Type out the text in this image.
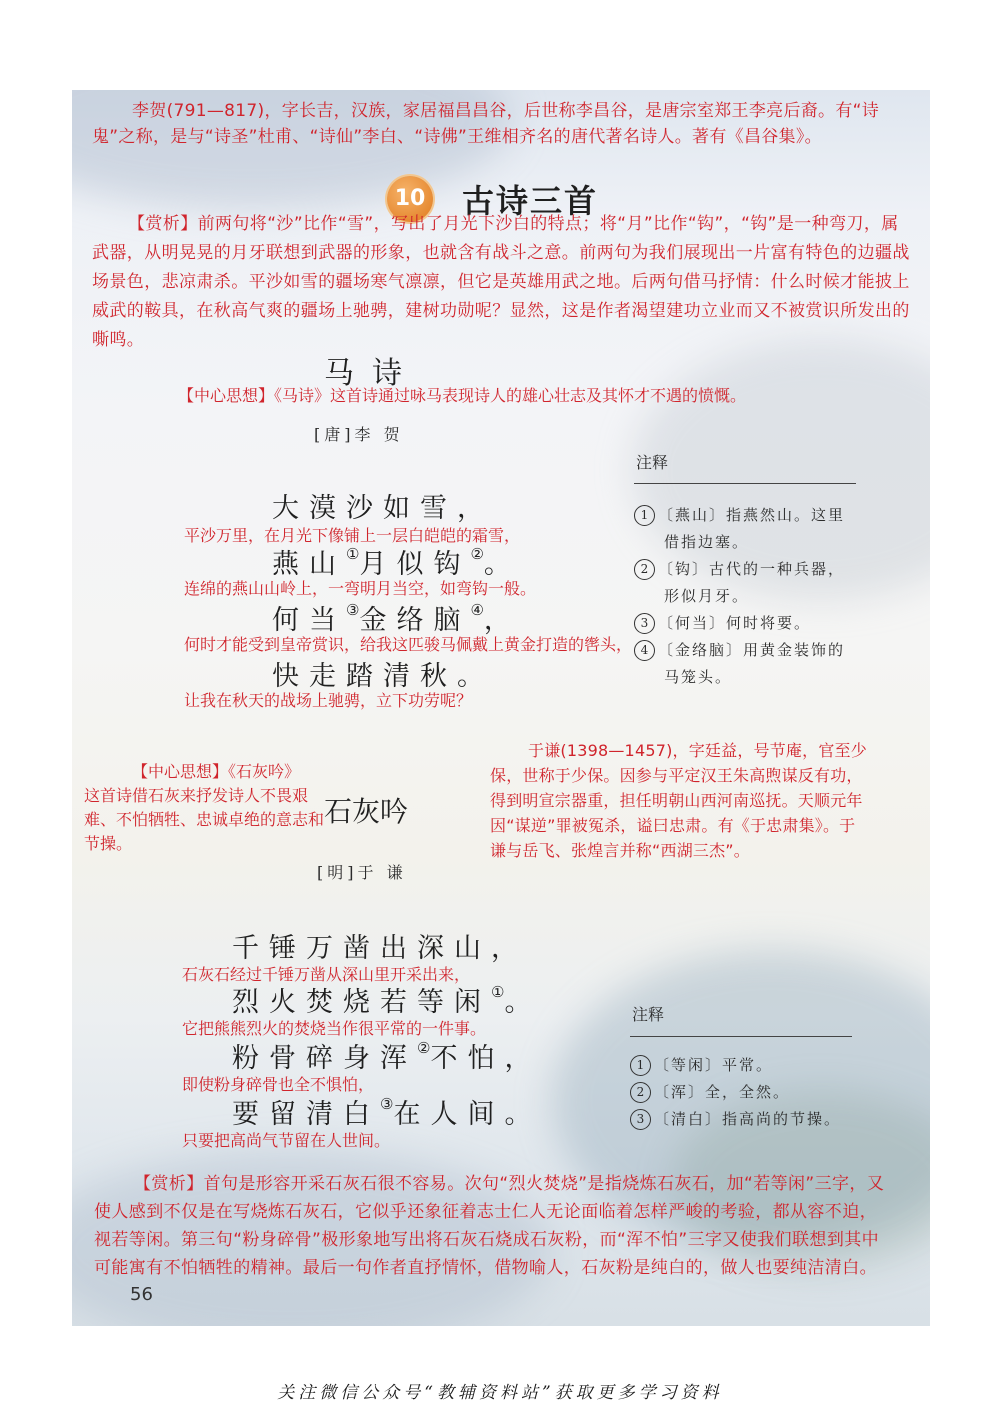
李贺(791—817)，字长吉，汉族，家居福昌昌谷，后世称李昌谷，是唐宗室郑王李亮后裔。有“诗鬼”之称，是与“诗圣”杜甫、“诗仙”李白、“诗佛”王维相齐名的唐代著名诗人。著有《昌谷集》。

10 古诗三首

【赏析】前两句将“沙”比作“雪”，写出了月光下沙白的特点；将“月”比作“钩”，“钩”是一种弯刀，属武器，从明晃晃的月牙联想到武器的形象，也就含有战斗之意。前两句为我们展现出一片富有特色的边疆战场景色，悲凉肃杀。平沙如雪的疆场寒气凛凛，但它是英雄用武之地。后两句借马抒情：什么时候才能披上威武的鞍具，在秋高气爽的疆场上驰骋，建树功勋呢？显然，这是作者渴望建功立业而又不被赏识所发出的嘶鸣。

马诗

【中心思想】《马诗》这首诗通过咏马表现诗人的雄心壮志及其怀才不遇的愤慨。

[唐]李 贺
大漠沙如雪，
平沙万里，在月光下像铺上一层白皑皑的霜雪，
燕山①月似钩②。
连绵的燕山山岭上，一弯明月当空，如弯钩一般。
何当③金络脑④，
何时才能受到皇帝赏识，给我这匹骏马佩戴上黄金打造的辔头，
快走踏清秋。
让我在秋天的战场上驰骋，立下功劳呢？
注释
1 〔燕山〕指燕然山。这里
借指边塞。
2 〔钩〕古代的一种兵器，
形似月牙。
3 〔何当〕何时将要。
4 〔金络脑〕用黄金装饰的
马笼头。
【中心思想】《石灰吟》
这首诗借石灰来抒发诗人不畏艰难、不怕牺牲、忠诚卓绝的意志和节操。
石灰吟

于谦(1398—1457)，字廷益，号节庵，官至少保，世称于少保。因参与平定汉王朱高煦谋反有功，得到明宣宗器重，担任明朝山西河南巡抚。天顺元年因“谋逆”罪被冤杀，谥曰忠肃。有《于忠肃集》。于谦与岳飞、张煌言并称“西湖三杰”。

[明]于 谦
千锤万凿出深山，
石灰石经过千锤万凿从深山里开采出来，
烈火焚烧若等闲①。
它把熊熊烈火的焚烧当作很平常的一件事。
粉骨碎身浑②不怕，
即使粉身碎骨也全不惧怕，
要留清白③在人间。
只要把高尚气节留在人世间。
注释
1 〔等闲〕平常。
2 〔浑〕全，全然。
3 〔清白〕指高尚的节操。

【赏析】首句是形容开采石灰石很不容易。次句“烈火焚烧”是指烧炼石灰石，加“若等闲”三字，又使人感到不仅是在写烧炼石灰石，它似乎还象征着志士仁人无论面临着怎样严峻的考验，都从容不迫，视若等闲。第三句“粉身碎骨”极形象地写出将石灰石烧成石灰粉，而“浑不怕”三字又使我们联想到其中可能寓有不怕牺牲的精神。最后一句作者直抒情怀，借物喻人，石灰粉是纯白的，做人也要纯洁清白。

56
关注微信公众号“教辅资料站”获取更多学习资料
